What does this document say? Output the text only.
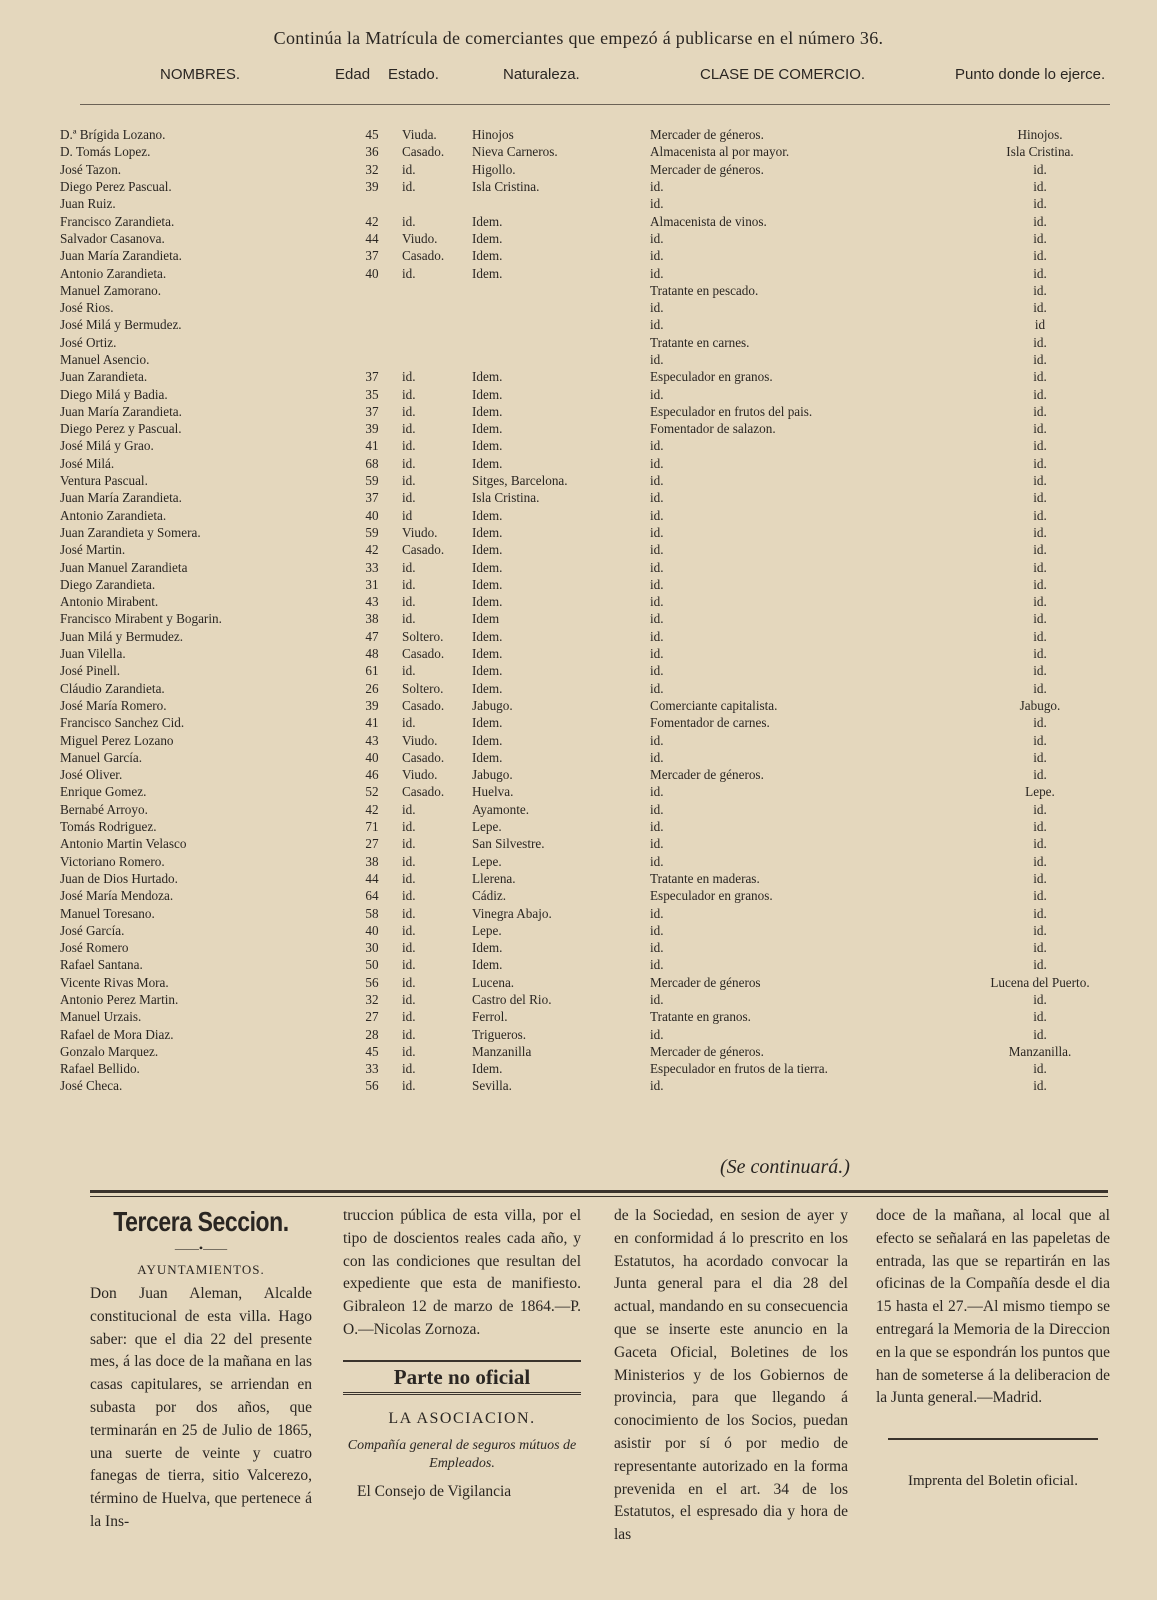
Continúa la Matrícula de comerciantes que empezó á publicarse en el número 36.
NOMBRES.	Edad Estado.	Naturaleza.	CLASE DE COMERCIO.	Punto donde lo ejerce.
D.ª Brígida Lozano.	45	Viuda.	Hinojos	Mercader de géneros.	Hinojos.
D. Tomás Lopez.	36	Casado.	Nieva Carneros.	Almacenista al por mayor.	Isla Cristina.
José Tazon.	32	id.	Higollo.	Mercader de géneros.	id.
Diego Perez Pascual.	39	id.	Isla Cristina.	id.	id.
Juan Ruiz.				id.	id.
Francisco Zarandieta.	42	id.	Idem.	Almacenista de vinos.	id.
Salvador Casanova.	44	Viudo.	Idem.	id.	id.
Juan María Zarandieta.	37	Casado.	Idem.	id.	id.
Antonio Zarandieta.	40	id.	Idem.	id.	id.
Manuel Zamorano.				Tratante en pescado.	id.
José Rios.				id.	id.
José Milá y Bermudez.				id.	id
José Ortiz.				Tratante en carnes.	id.
Manuel Asencio.				id.	id.
Juan Zarandieta.	37	id.	Idem.	Especulador en granos.	id.
Diego Milá y Badia.	35	id.	Idem.	id.	id.
Juan María Zarandieta.	37	id.	Idem.	Especulador en frutos del pais.	id.
Diego Perez y Pascual.	39	id.	Idem.	Fomentador de salazon.	id.
José Milá y Grao.	41	id.	Idem.	id.	id.
José Milá.	68	id.	Idem.	id.	id.
Ventura Pascual.	59	id.	Sitges, Barcelona.	id.	id.
Juan María Zarandieta.	37	id.	Isla Cristina.	id.	id.
Antonio Zarandieta.	40	id	Idem.	id.	id.
Juan Zarandieta y Somera.	59	Viudo.	Idem.	id.	id.
José Martin.	42	Casado.	Idem.	id.	id.
Juan Manuel Zarandieta	33	id.	Idem.	id.	id.
Diego Zarandieta.	31	id.	Idem.	id.	id.
Antonio Mirabent.	43	id.	Idem.	id.	id.
Francisco Mirabent y Bogarin.	38	id.	Idem	id.	id.
Juan Milá y Bermudez.	47	Soltero.	Idem.	id.	id.
Juan Vilella.	48	Casado.	Idem.	id.	id.
José Pinell.	61	id.	Idem.	id.	id.
Cláudio Zarandieta.	26	Soltero.	Idem.	id.	id.
José María Romero.	39	Casado.	Jabugo.	Comerciante capitalista.	Jabugo.
Francisco Sanchez Cid.	41	id.	Idem.	Fomentador de carnes.	id.
Miguel Perez Lozano	43	Viudo.	Idem.	id.	id.
Manuel García.	40	Casado.	Idem.	id.	id.
José Oliver.	46	Viudo.	Jabugo.	Mercader de géneros.	id.
Enrique Gomez.	52	Casado.	Huelva.	id.	Lepe.
Bernabé Arroyo.	42	id.	Ayamonte.	id.	id.
Tomás Rodriguez.	71	id.	Lepe.	id.	id.
Antonio Martin Velasco	27	id.	San Silvestre.	id.	id.
Victoriano Romero.	38	id.	Lepe.	id.	id.
Juan de Dios Hurtado.	44	id.	Llerena.	Tratante en maderas.	id.
José María Mendoza.	64	id.	Cádiz.	Especulador en granos.	id.
Manuel Toresano.	58	id.	Vinegra Abajo.	id.	id.
José García.	40	id.	Lepe.	id.	id.
José Romero	30	id.	Idem.	id.	id.
Rafael Santana.	50	id.	Idem.	id.	id.
Vicente Rivas Mora.	56	id.	Lucena.	Mercader de géneros	Lucena del Puerto.
Antonio Perez Martin.	32	id.	Castro del Rio.	id.	id.
Manuel Urzais.	27	id.	Ferrol.	Tratante en granos.	id.
Rafael de Mora Diaz.	28	id.	Trigueros.	id.	id.
Gonzalo Marquez.	45	id.	Manzanilla	Mercader de géneros.	Manzanilla.
Rafael Bellido.	33	id.	Idem.	Especulador en frutos de la tierra.	id.
José Checa.	56	id.	Sevilla.	id.	id.
(Se continuará.)
Tercera Seccion.
——•——
AYUNTAMIENTOS.

Don Juan Aleman, Alcalde constitucional de esta villa. Hago saber: que el dia 22 del presente mes, á las doce de la mañana en las casas capitulares, se arriendan en subasta por dos años, que terminarán en 25 de Julio de 1865, una suerte de veinte y cuatro fanegas de tierra, sitio Valcerezo, término de Huelva, que pertenece á la Ins-

truccion pública de esta villa, por el tipo de doscientos reales cada año, y con las condiciones que resultan del expediente que esta de manifiesto. Gibraleon 12 de marzo de 1864.—P. O.—Nicolas Zornoza.

Parte no oficial
LA ASOCIACION.
Compañía general de seguros mútuos de Empleados.

El Consejo de Vigilancia

de la Sociedad, en sesion de ayer y en conformidad á lo prescrito en los Estatutos, ha acordado convocar la Junta general para el dia 28 del actual, mandando en su consecuencia que se inserte este anuncio en la Gaceta Oficial, Boletines de los Ministerios y de los Gobiernos de provincia, para que llegando á conocimiento de los Socios, puedan asistir por sí ó por medio de representante autorizado en la forma prevenida en el art. 34 de los Estatutos, el espresado dia y hora de las

doce de la mañana, al local que al efecto se señalará en las papeletas de entrada, las que se repartirán en las oficinas de la Compañía desde el dia 15 hasta el 27.—Al mismo tiempo se entregará la Memoria de la Direccion en la que se espondrán los puntos que han de someterse á la deliberacion de la Junta general.—Madrid.

Imprenta del Boletin oficial.
